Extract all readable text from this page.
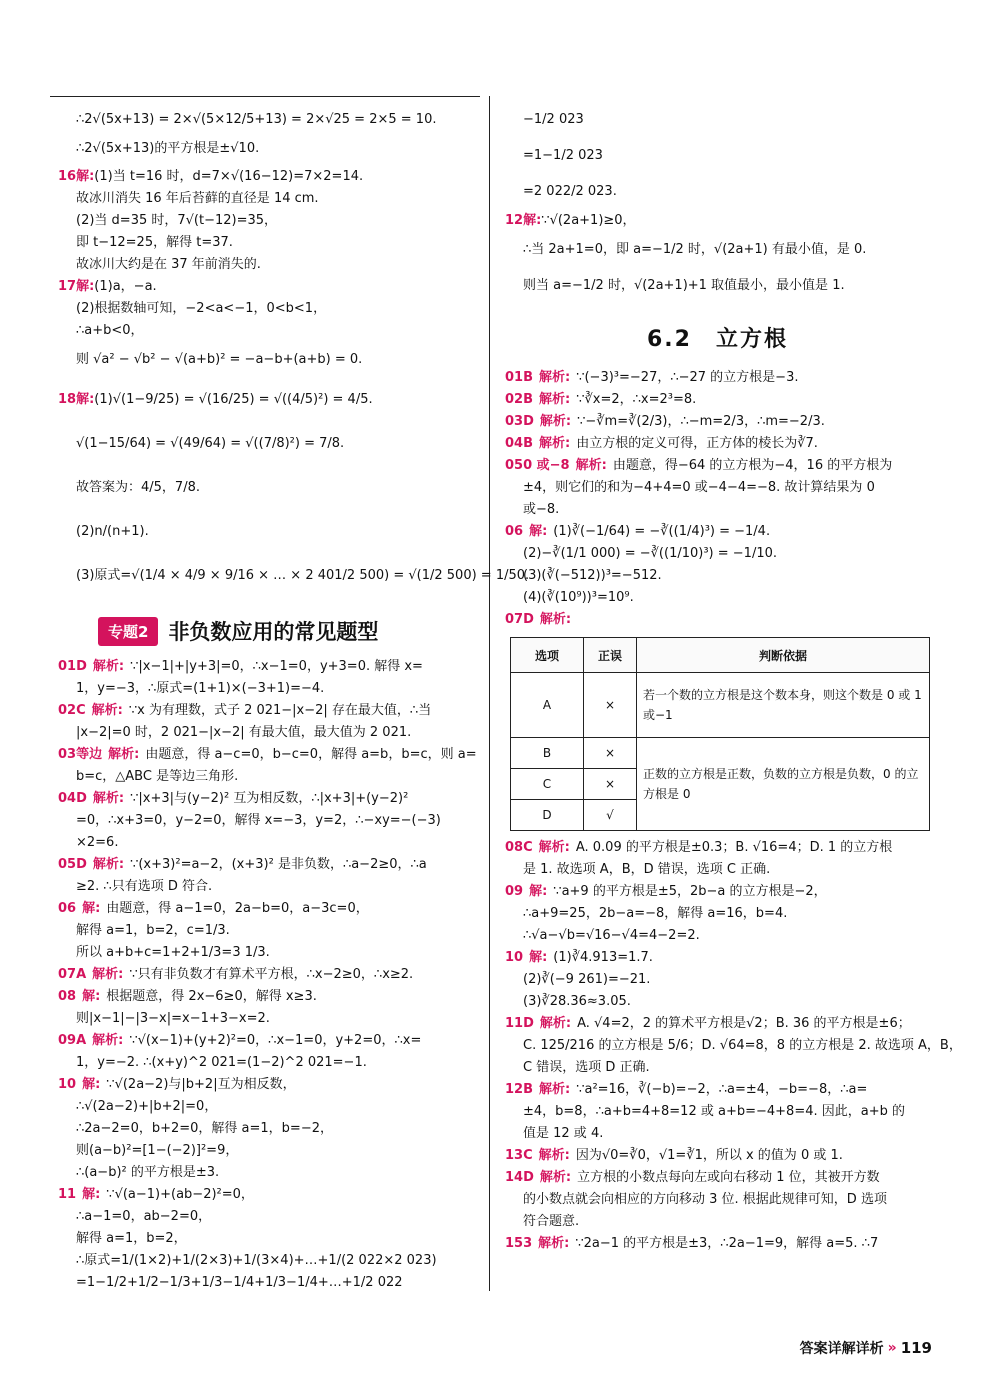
∴2√(5x+13) = 2×√(5×12/5+13) = 2×√25 = 2×5 = 10.
∴2√(5x+13)的平方根是±√10.
16解:(1)当 t=16 时，d=7×√(16−12)=7×2=14.
故冰川消失 16 年后苔藓的直径是 14 cm.
(2)当 d=35 时，7√(t−12)=35，
即 t−12=25，解得 t=37.
故冰川大约是在 37 年前消失的.
17解:(1)a，−a.
(2)根据数轴可知，−2<a<−1，0<b<1，
∴a+b<0，
则 √a² − √b² − √(a+b)² = −a−b+(a+b) = 0.
18解:(1)√(1−9/25) = √(16/25) = √((4/5)²) = 4/5.
√(1−15/64) = √(49/64) = √((7/8)²) = 7/8.
故答案为：4/5，7/8.
(2)n/(n+1).
(3)原式=√(1/4 × 4/9 × 9/16 × … × 2 401/2 500) = √(1/2 500) = 1/50.
专题2 非负数应用的常见题型
01D 解析: ∵|x−1|+|y+3|=0，∴x−1=0，y+3=0. 解得 x=
1，y=−3，∴原式=(1+1)×(−3+1)=−4.
02C 解析: ∵x 为有理数，式子 2 021−|x−2| 存在最大值，∴当
|x−2|=0 时，2 021−|x−2| 有最大值，最大值为 2 021.
03等边 解析: 由题意，得 a−c=0，b−c=0，解得 a=b，b=c，则 a=
b=c，△ABC 是等边三角形.
04D 解析: ∵|x+3|与(y−2)² 互为相反数，∴|x+3|+(y−2)²
=0，∴x+3=0，y−2=0，解得 x=−3，y=2，∴−xy=−(−3)
×2=6.
05D 解析: ∵(x+3)²=a−2，(x+3)² 是非负数，∴a−2≥0，∴a
≥2. ∴只有选项 D 符合.
06 解: 由题意，得 a−1=0，2a−b=0，a−3c=0，
解得 a=1，b=2，c=1/3.
所以 a+b+c=1+2+1/3=3 1/3.
07A 解析: ∵只有非负数才有算术平方根，∴x−2≥0，∴x≥2.
08 解: 根据题意，得 2x−6≥0，解得 x≥3.
则|x−1|−|3−x|=x−1+3−x=2.
09A 解析: ∵√(x−1)+(y+2)²=0，∴x−1=0，y+2=0，∴x=
1，y=−2. ∴(x+y)^2 021=(1−2)^2 021=−1.
10 解: ∵√(2a−2)与|b+2|互为相反数，
∴√(2a−2)+|b+2|=0，
∴2a−2=0，b+2=0，解得 a=1，b=−2，
则(a−b)²=[1−(−2)]²=9，
∴(a−b)² 的平方根是±3.
11 解: ∵√(a−1)+(ab−2)²=0，
∴a−1=0，ab−2=0，
解得 a=1，b=2，
∴原式=1/(1×2)+1/(2×3)+1/(3×4)+…+1/(2 022×2 023)
=1−1/2+1/2−1/3+1/3−1/4+1/3−1/4+…+1/2 022
−1/2 023
=1−1/2 023
=2 022/2 023.
12解:∵√(2a+1)≥0，
∴当 2a+1=0，即 a=−1/2 时，√(2a+1) 有最小值，是 0.
则当 a=−1/2 时，√(2a+1)+1 取值最小，最小值是 1.
6.2　立方根
01B 解析: ∵(−3)³=−27，∴−27 的立方根是−3.
02B 解析: ∵∛x=2，∴x=2³=8.
03D 解析: ∵−∛m=∛(2/3)，∴−m=2/3，∴m=−2/3.
04B 解析: 由立方根的定义可得，正方体的棱长为∛7.
050 或−8 解析: 由题意，得−64 的立方根为−4，16 的平方根为
±4，则它们的和为−4+4=0 或−4−4=−8. 故计算结果为 0
或−8.
06 解: (1)∛(−1/64) = −∛((1/4)³) = −1/4.
(2)−∛(1/1 000) = −∛((1/10)³) = −1/10.
(3)(∛(−512))³=−512.
(4)(∛(10⁹))³=10⁹.
07D 解析:
选项	正误	判断依据
A	×	若一个数的立方根是这个数本身，则这个数是 0 或 1 或−1
B	×	正数的立方根是正数，负数的立方根是负数，0 的立方根是 0
C	×	
D	√	
08C 解析: A. 0.09 的平方根是±0.3；B. √16=4；D. 1 的立方根
是 1. 故选项 A，B，D 错误，选项 C 正确.
09 解: ∵a+9 的平方根是±5，2b−a 的立方根是−2，
∴a+9=25，2b−a=−8，解得 a=16，b=4.
∴√a−√b=√16−√4=4−2=2.
10 解: (1)∛4.913=1.7.
(2)∛(−9 261)=−21.
(3)∛28.36≈3.05.
11D 解析: A. √4=2，2 的算术平方根是√2；B. 36 的平方根是±6；
C. 125/216 的立方根是 5/6；D. √64=8，8 的立方根是 2. 故选项 A，B，
C 错误，选项 D 正确.
12B 解析: ∵a²=16，∛(−b)=−2，∴a=±4，−b=−8，∴a=
±4，b=8，∴a+b=4+8=12 或 a+b=−4+8=4. 因此，a+b 的
值是 12 或 4.
13C 解析: 因为√0=∛0，√1=∛1，所以 x 的值为 0 或 1.
14D 解析: 立方根的小数点每向左或向右移动 1 位，其被开方数
的小数点就会向相应的方向移动 3 位. 根据此规律可知，D 选项
符合题意.
153 解析: ∵2a−1 的平方根是±3，∴2a−1=9，解得 a=5. ∴7
答案详解详析 » 119
